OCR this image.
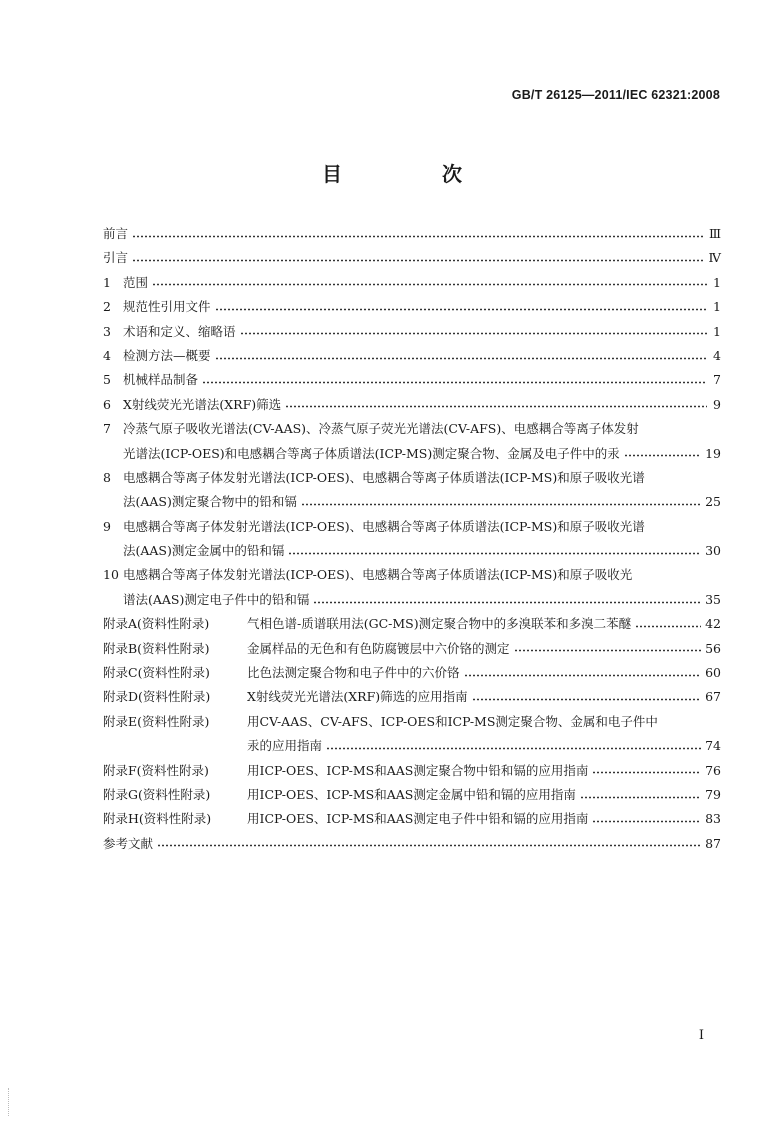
GB/T 26125—2011/IEC 62321:2008
目　次
前言	Ⅲ
引言	Ⅳ
1 范围	1
2 规范性引用文件	1
3 术语和定义、缩略语	1
4 检测方法—概要	4
5 机械样品制备	7
6 X射线荧光光谱法(XRF)筛选	9
7 冷蒸气原子吸收光谱法(CV-AAS)、冷蒸气原子荧光光谱法(CV-AFS)、电感耦合等离子体发射
光谱法(ICP-OES)和电感耦合等离子体质谱法(ICP-MS)测定聚合物、金属及电子件中的汞	19
8 电感耦合等离子体发射光谱法(ICP-OES)、电感耦合等离子体质谱法(ICP-MS)和原子吸收光谱
法(AAS)测定聚合物中的铅和镉	25
9 电感耦合等离子体发射光谱法(ICP-OES)、电感耦合等离子体质谱法(ICP-MS)和原子吸收光谱
法(AAS)测定金属中的铅和镉	30
10 电感耦合等离子体发射光谱法(ICP-OES)、电感耦合等离子体质谱法(ICP-MS)和原子吸收光
谱法(AAS)测定电子件中的铅和镉	35
附录A(资料性附录)	气相色谱-质谱联用法(GC-MS)测定聚合物中的多溴联苯和多溴二苯醚	42
附录B(资料性附录)	金属样品的无色和有色防腐镀层中六价铬的测定	56
附录C(资料性附录)	比色法测定聚合物和电子件中的六价铬	60
附录D(资料性附录)	X射线荧光光谱法(XRF)筛选的应用指南	67
附录E(资料性附录)	用CV-AAS、CV-AFS、ICP-OES和ICP-MS测定聚合物、金属和电子件中
汞的应用指南	74
附录F(资料性附录)	用ICP-OES、ICP-MS和AAS测定聚合物中铅和镉的应用指南	76
附录G(资料性附录)	用ICP-OES、ICP-MS和AAS测定金属中铅和镉的应用指南	79
附录H(资料性附录)	用ICP-OES、ICP-MS和AAS测定电子件中铅和镉的应用指南	83
参考文献	87
I
